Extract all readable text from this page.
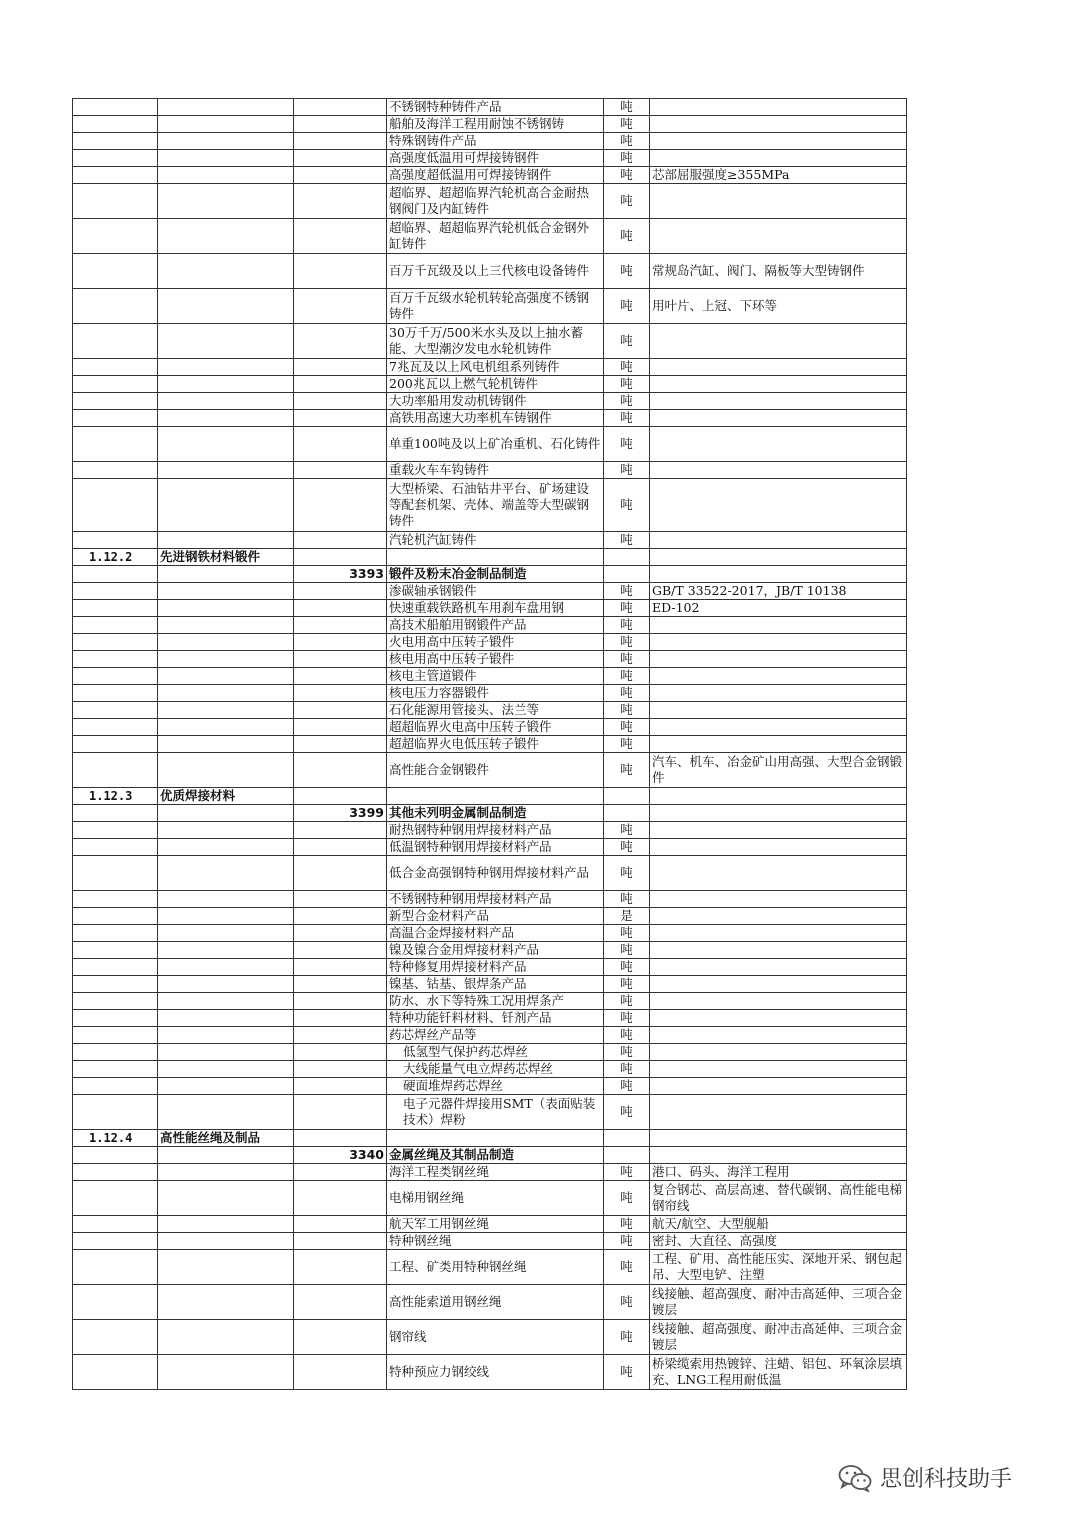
			不锈钢特种铸件产品	吨	
			船舶及海洋工程用耐蚀不锈钢铸	吨	
			特殊钢铸件产品	吨	
			高强度低温用可焊接铸钢件	吨	
			高强度超低温用可焊接铸钢件	吨	芯部屈服强度≥355MPa
			超临界、超超临界汽轮机高合金耐热钢阀门及内缸铸件	吨	
			超临界、超超临界汽轮机低合金钢外缸铸件	吨	
			百万千瓦级及以上三代核电设备铸件	吨	常规岛汽缸、阀门、隔板等大型铸钢件
			百万千瓦级水轮机转轮高强度不锈钢铸件	吨	用叶片、上冠、下环等
			30万千万/500米水头及以上抽水蓄能、大型潮汐发电水轮机铸件	吨	
			7兆瓦及以上风电机组系列铸件	吨	
			200兆瓦以上燃气轮机铸件	吨	
			大功率船用发动机铸钢件	吨	
			高铁用高速大功率机车铸钢件	吨	
			单重100吨及以上矿冶重机、石化铸件	吨	
			重载火车车钩铸件	吨	
			大型桥梁、石油钻井平台、矿场建设等配套机架、壳体、端盖等大型碳钢铸件	吨	
			汽轮机汽缸铸件	吨	
1.12.2	先进钢铁材料锻件				
		3393	锻件及粉末冶金制品制造		
			渗碳轴承钢锻件	吨	GB/T 33522-2017，JB/T 10138
			快速重载铁路机车用刹车盘用钢	吨	ED-102
			高技术船舶用钢锻件产品	吨	
			火电用高中压转子锻件	吨	
			核电用高中压转子锻件	吨	
			核电主管道锻件	吨	
			核电压力容器锻件	吨	
			石化能源用管接头、法兰等	吨	
			超超临界火电高中压转子锻件	吨	
			超超临界火电低压转子锻件	吨	
			高性能合金钢锻件	吨	汽车、机车、冶金矿山用高强、大型合金钢锻件
1.12.3	优质焊接材料				
		3399	其他未列明金属制品制造		
			耐热钢特种钢用焊接材料产品	吨	
			低温钢特种钢用焊接材料产品	吨	
			低合金高强钢特种钢用焊接材料产品	吨	
			不锈钢特种钢用焊接材料产品	吨	
			新型合金材料产品	是	
			高温合金焊接材料产品	吨	
			镍及镍合金用焊接材料产品	吨	
			特种修复用焊接材料产品	吨	
			镍基、钴基、银焊条产品	吨	
			防水、水下等特殊工况用焊条产	吨	
			特种功能钎料材料、钎剂产品	吨	
			药芯焊丝产品等	吨	
			低氢型气保护药芯焊丝	吨	
			大线能量气电立焊药芯焊丝	吨	
			硬面堆焊药芯焊丝	吨	
			电子元器件焊接用SMT（表面贴装技术）焊粉	吨	
1.12.4	高性能丝绳及制品				
		3340	金属丝绳及其制品制造		
			海洋工程类钢丝绳	吨	港口、码头、海洋工程用
			电梯用钢丝绳	吨	复合钢芯、高层高速、替代碳钢、高性能电梯钢帘线
			航天军工用钢丝绳	吨	航天/航空、大型舰船
			特种钢丝绳	吨	密封、大直径、高强度
			工程、矿类用特种钢丝绳	吨	工程、矿用、高性能压实、深地开采、钢包起吊、大型电铲、注塑
			高性能索道用钢丝绳	吨	线接触、超高强度、耐冲击高延伸、三项合金镀层
			钢帘线	吨	线接触、超高强度、耐冲击高延伸、三项合金镀层
			特种预应力钢绞线	吨	桥梁缆索用热镀锌、注蜡、铝包、环氧涂层填充、LNG工程用耐低温
思创科技助手
